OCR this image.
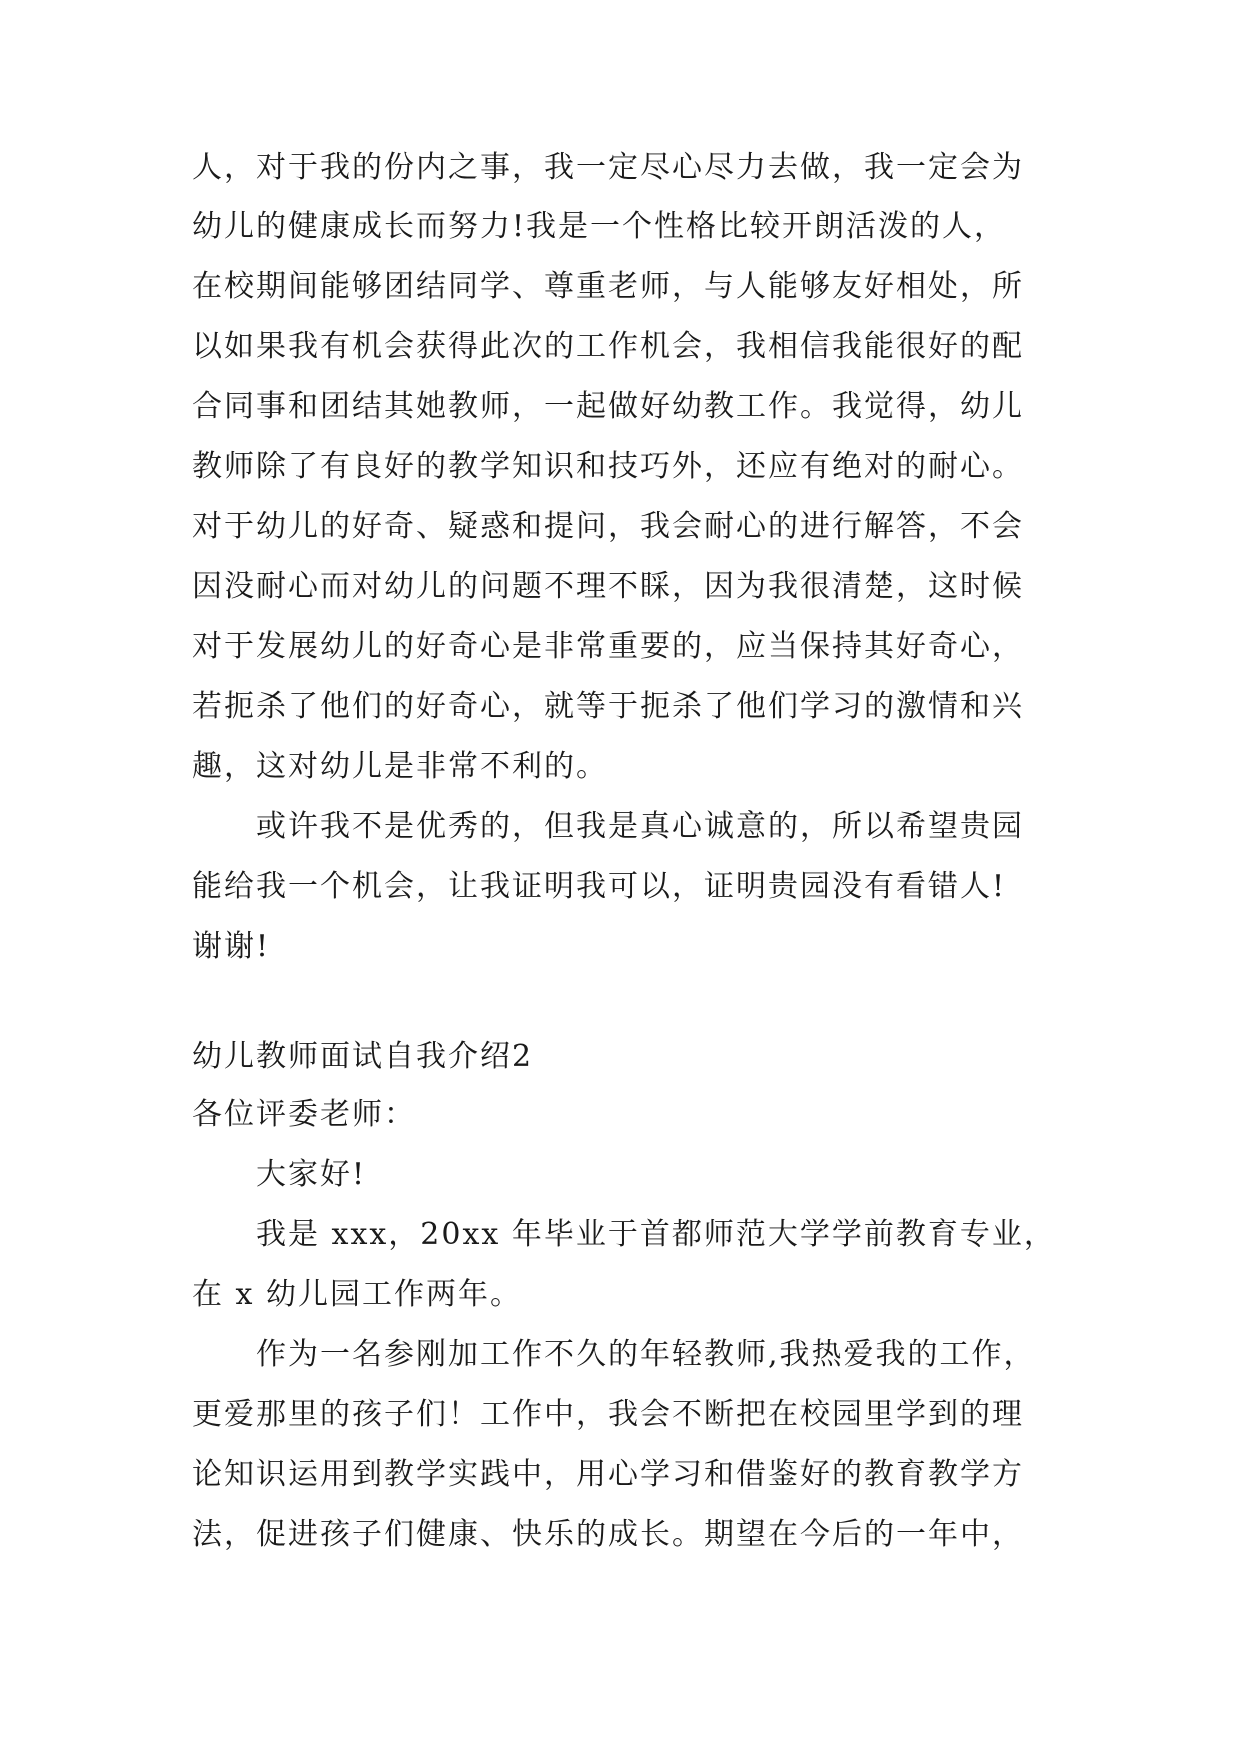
人，对于我的份内之事，我一定尽心尽力去做，我一定会为
幼儿的健康成长而努力!我是一个性格比较开朗活泼的人，
在校期间能够团结同学、尊重老师，与人能够友好相处，所
以如果我有机会获得此次的工作机会，我相信我能很好的配
合同事和团结其她教师，一起做好幼教工作。我觉得，幼儿
教师除了有良好的教学知识和技巧外，还应有绝对的耐心。
对于幼儿的好奇、疑惑和提问，我会耐心的进行解答，不会
因没耐心而对幼儿的问题不理不睬，因为我很清楚，这时候
对于发展幼儿的好奇心是非常重要的，应当保持其好奇心，
若扼杀了他们的好奇心，就等于扼杀了他们学习的激情和兴
趣，这对幼儿是非常不利的。
或许我不是优秀的，但我是真心诚意的，所以希望贵园
能给我一个机会，让我证明我可以，证明贵园没有看错人!
谢谢!
幼儿教师面试自我介绍2
各位评委老师：
大家好!
我是 xxx，20xx 年毕业于首都师范大学学前教育专业，
在 x 幼儿园工作两年。
作为一名参刚加工作不久的年轻教师,我热爱我的工作，
更爱那里的孩子们！工作中，我会不断把在校园里学到的理
论知识运用到教学实践中，用心学习和借鉴好的教育教学方
法，促进孩子们健康、快乐的成长。期望在今后的一年中，
